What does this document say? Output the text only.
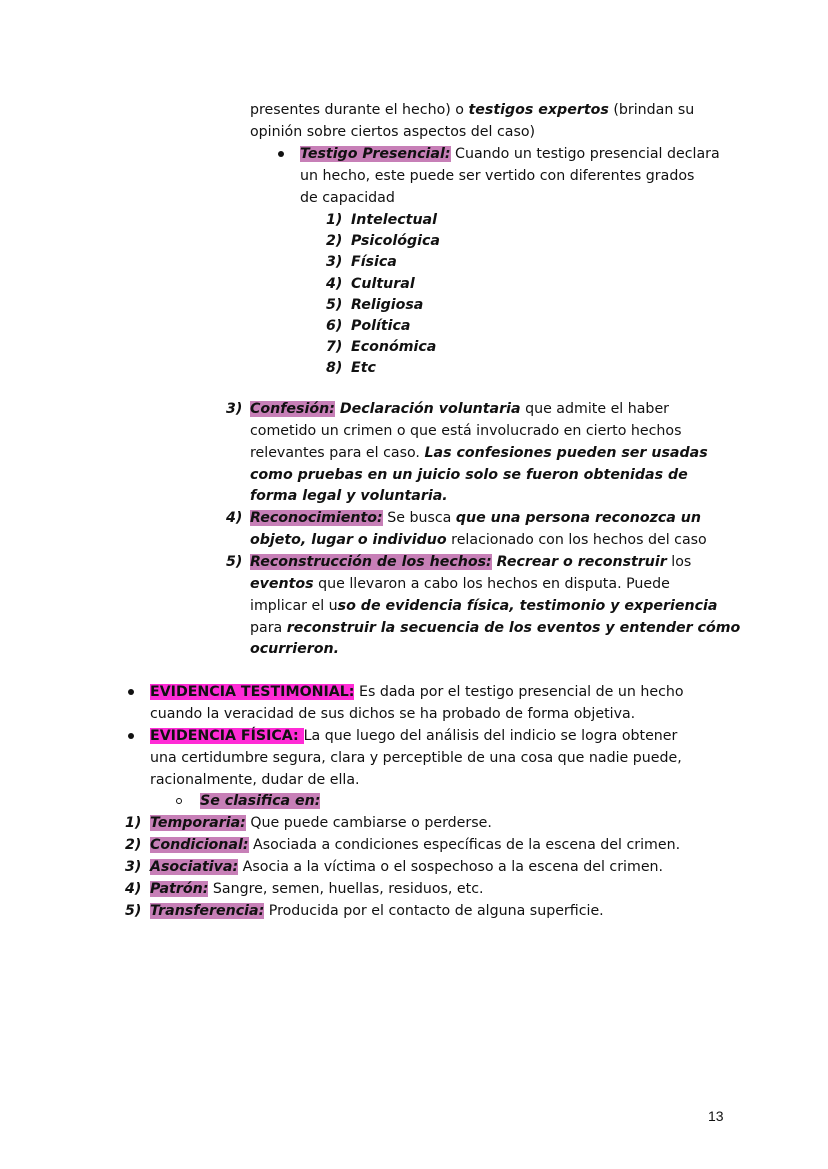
presentes durante el hecho) o testigos expertos (brindan su
opinión sobre ciertos aspectos del caso)
Testigo Presencial: Cuando un testigo presencial declara
un hecho, este puede ser vertido con diferentes grados
de capacidad
1) Intelectual
2) Psicológica
3) Física
4) Cultural
5) Religiosa
6) Política
7) Económica
8) Etc
3) Confesión: Declaración voluntaria que admite el haber
cometido un crimen o que está involucrado en cierto hechos
relevantes para el caso. Las confesiones pueden ser usadas
como pruebas en un juicio solo se fueron obtenidas de
forma legal y voluntaria.
4) Reconocimiento: Se busca que una persona reconozca un
objeto, lugar o individuo relacionado con los hechos del caso
5) Reconstrucción de los hechos: Recrear o reconstruir los
eventos que llevaron a cabo los hechos en disputa. Puede
implicar el uso de evidencia física, testimonio y experiencia
para reconstruir la secuencia de los eventos y entender cómo
ocurrieron.
EVIDENCIA TESTIMONIAL: Es dada por el testigo presencial de un hecho
cuando la veracidad de sus dichos se ha probado de forma objetiva.
EVIDENCIA FÍSICA: La que luego del análisis del indicio se logra obtener
una certidumbre segura, clara y perceptible de una cosa que nadie puede,
racionalmente, dudar de ella.
Se clasifica en:
1) Temporaria: Que puede cambiarse o perderse.
2) Condicional: Asociada a condiciones específicas de la escena del crimen.
3) Asociativa: Asocia a la víctima o el sospechoso a la escena del crimen.
4) Patrón: Sangre, semen, huellas, residuos, etc.
5) Transferencia: Producida por el contacto de alguna superficie.
13
